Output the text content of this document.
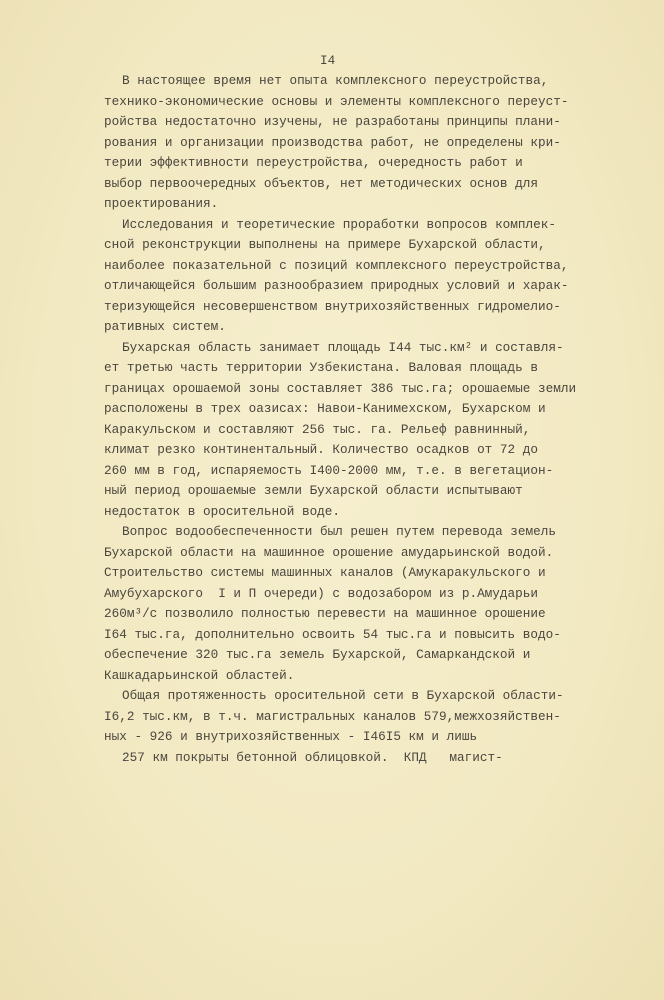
I4
В настоящее время нет опыта комплексного переустройства,
технико-экономические основы и элементы комплексного переуст-
ройства недостаточно изучены, не разработаны принципы плани-
рования и организации производства работ, не определены кри-
терии эффективности переустройства, очередность работ и
выбор первоочередных объектов, нет методических основ для
проектирования.
Исследования и теоретические проработки вопросов комплек-
сной реконструкции выполнены на примере Бухарской области,
наиболее показательной с позиций комплексного переустройства,
отличающейся большим разнообразием природных условий и харак-
теризующейся несовершенством внутрихозяйственных гидромелио-
ративных систем.
Бухарская область занимает площадь I44 тыс.км² и составля-
ет третью часть территории Узбекистана. Валовая площадь в
границах орошаемой зоны составляет 386 тыс.га; орошаемые земли
расположены в трех оазисах: Навои-Канимехском, Бухарском и
Каракульском и составляют 256 тыс. га. Рельеф равнинный,
климат резко континентальный. Количество осадков от 72 до
260 мм в год, испаряемость I400-2000 мм, т.е. в вегетацион-
ный период орошаемые земли Бухарской области испытывают
недостаток в оросительной воде.
Вопрос водообеспеченности был решен путем перевода земель
Бухарской области на машинное орошение амударьинской водой.
Строительство системы машинных каналов (Амукаракульского и
Амубухарского  I и П очереди) с водозабором из р.Амударьи
260м³/с позволило полностью перевести на машинное орошение
I64 тыс.га, дополнительно освоить 54 тыс.га и повысить водо-
обеспечение 320 тыс.га земель Бухарской, Самаркандской и
Кашкадарьинской областей.
Общая протяженность оросительной сети в Бухарской области-
I6,2 тыс.км, в т.ч. магистральных каналов 579,межхозяйствен-
ных - 926 и внутрихозяйственных - I46I5 км и лишь
257 км покрыты бетонной облицовкой.  КПД   магист-
